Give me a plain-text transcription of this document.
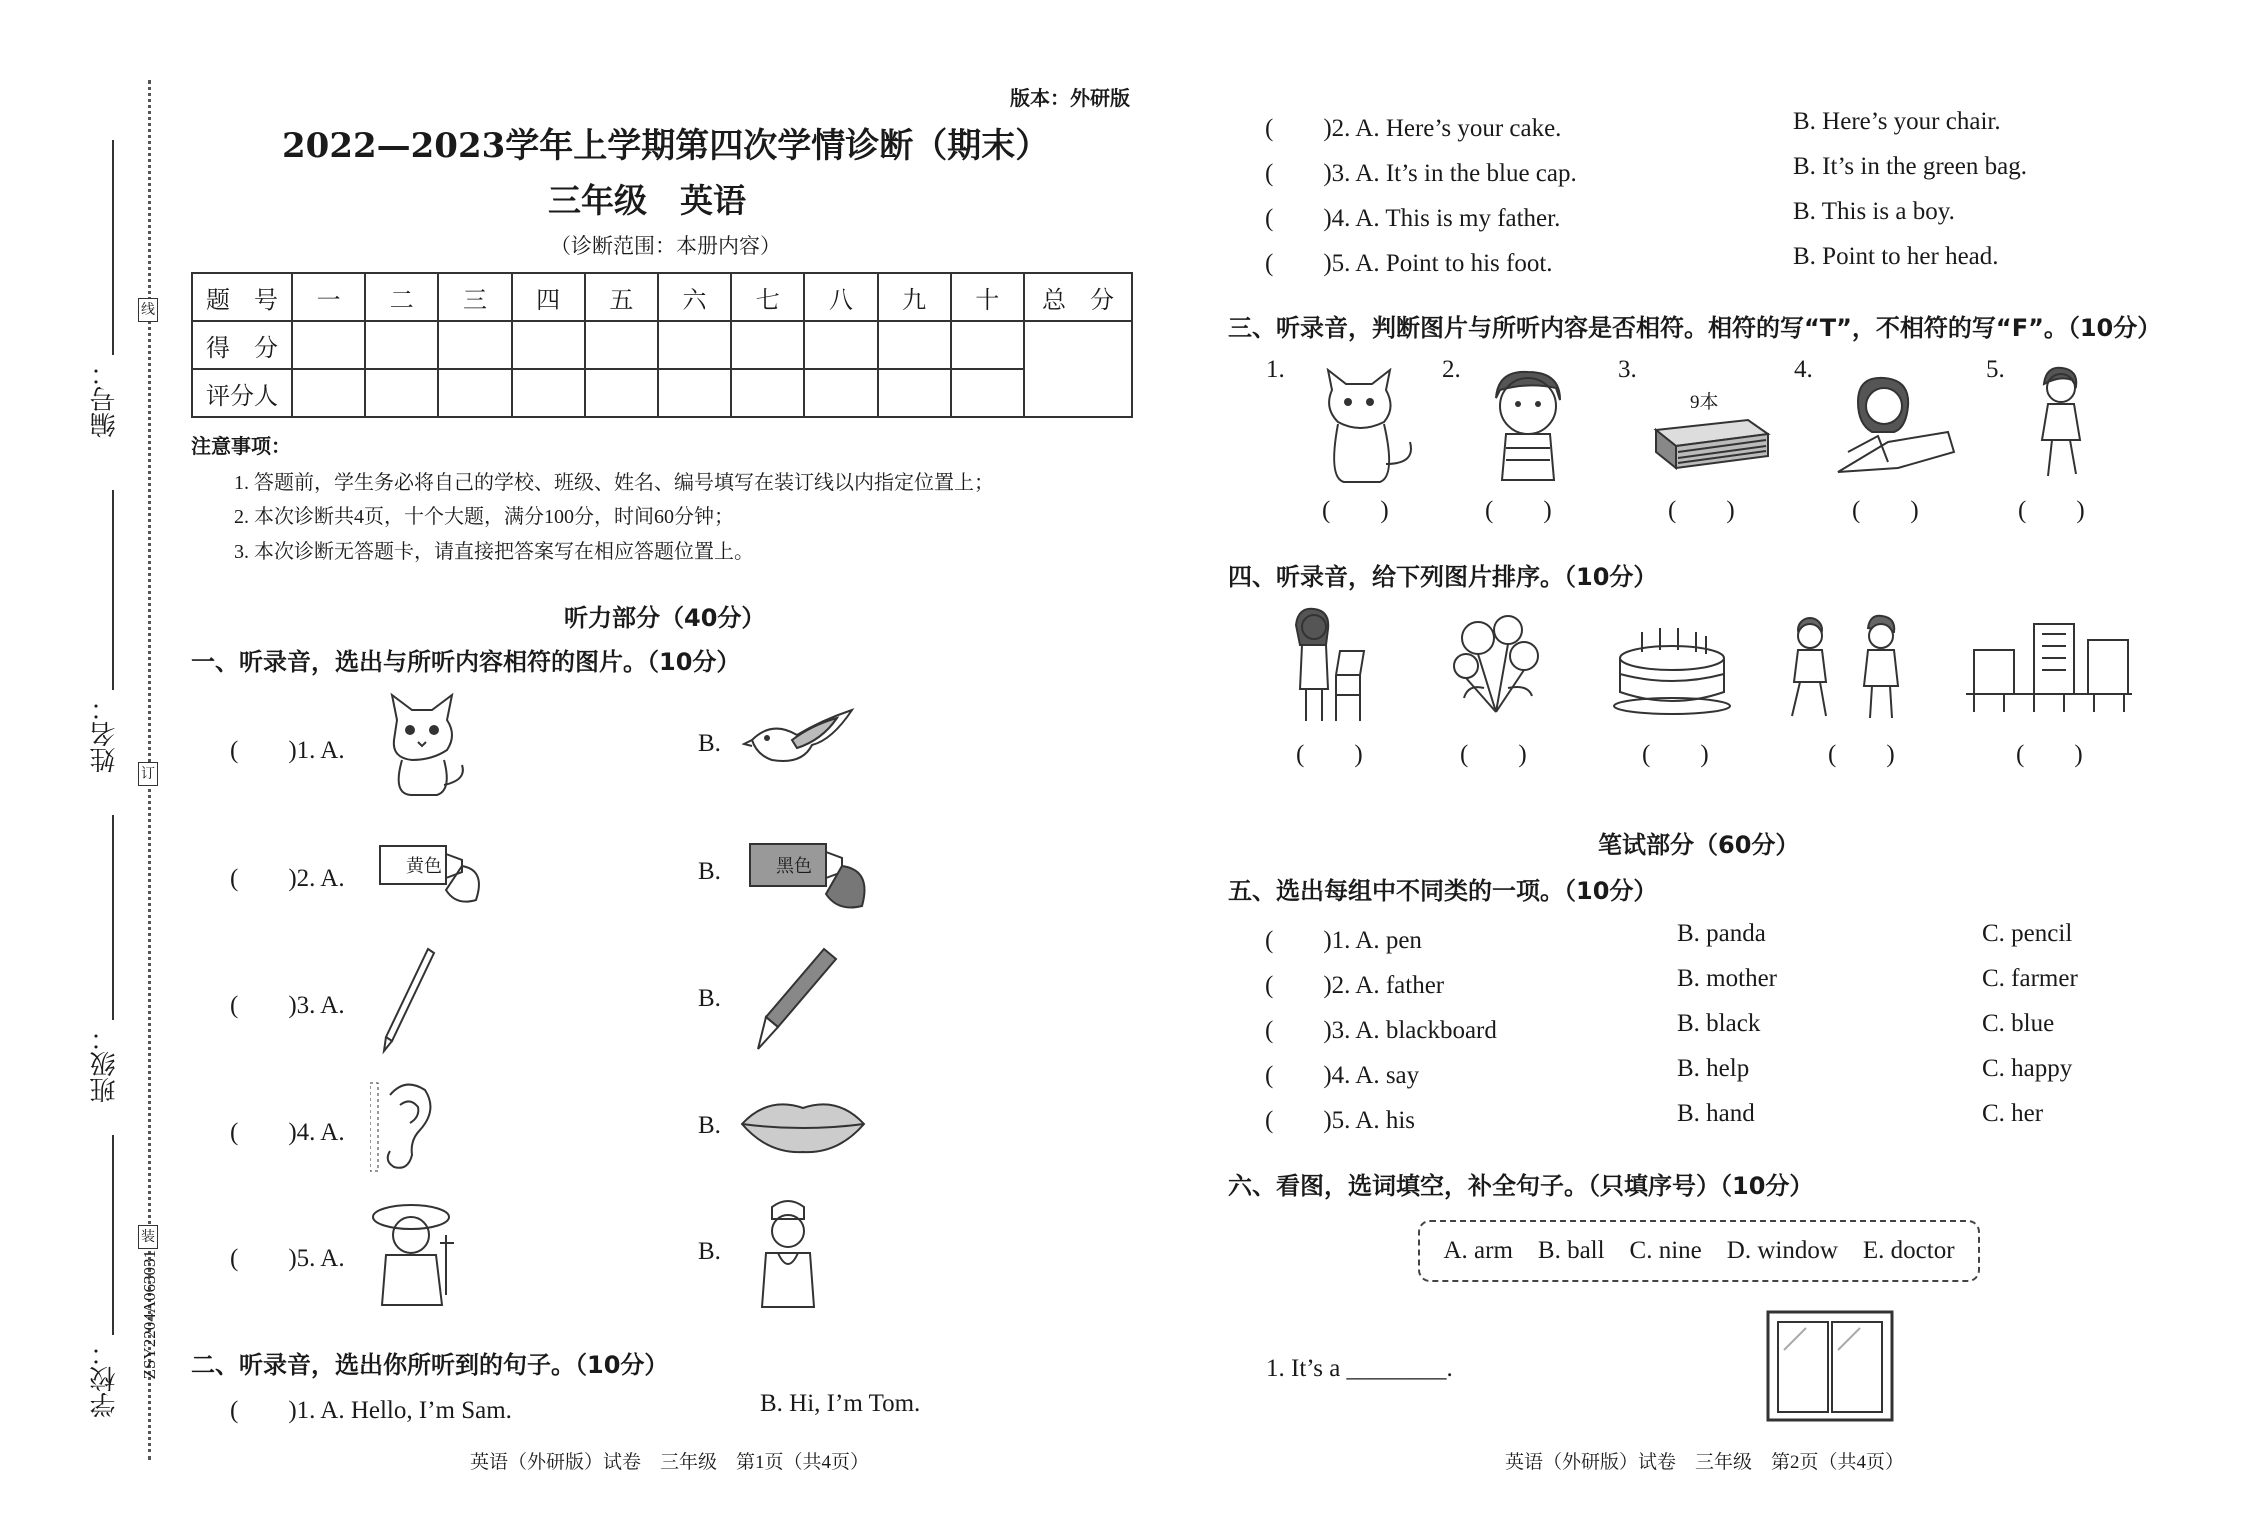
线
订
装
编号：
姓名：
班级：
学校： ZSY2204A063031
版本：外研版
2022—2023学年上学期第四次学情诊断（期末）
三年级　英语
（诊断范围：本册内容）
题　号	一	二	三	四	五	六	七	八	九	十	总　分
得　分											
评分人											
注意事项：
1. 答题前，学生务必将自己的学校、班级、姓名、编号填写在装订线以内指定位置上；
2. 本次诊断共4页，十个大题，满分100分，时间60分钟；
3. 本次诊断无答题卡，请直接把答案写在相应答题位置上。
听力部分（40分）
一、听录音，选出与所听内容相符的图片。（10分）
(　　)1. A.	B.
(　　)2. A.	B.
黄色	黑色
(　　)3. A.	B.
(　　)4. A.	B.
(　　)5. A.	B.
二、听录音，选出你所听到的句子。（10分）
(　　)1. A. Hello, I’m Sam.	B. Hi, I’m Tom.
英语（外研版）试卷　三年级　第1页（共4页）
(　　)2. A. Here’s your cake.	B. Here’s your chair.
(　　)3. A. It’s in the blue cap.	B. It’s in the green bag.
(　　)4. A. This is my father.	B. This is a boy.
(　　)5. A. Point to his foot.	B. Point to her head.
三、听录音，判断图片与所听内容是否相符。相符的写“T”，不相符的写“F”。（10分）
1.
(　　)
2.
(　　)
3.
9本
(　　)
4.
(　　)
5.
(　　)
四、听录音，给下列图片排序。（10分）
(　　)	(　　)	(　　)	(　　)	(　　)
笔试部分（60分）
五、选出每组中不同类的一项。（10分）
(　　)1. A. pen	B. panda	C. pencil
(　　)2. A. father	B. mother	C. farmer
(　　)3. A. blackboard	B. black	C. blue
(　　)4. A. say	B. help	C. happy
(　　)5. A. his	B. hand	C. her
六、看图，选词填空，补全句子。（只填序号）（10分）
A. arm　B. ball　C. nine　D. window　E. doctor
1. It’s a ________.
英语（外研版）试卷　三年级　第2页（共4页）
